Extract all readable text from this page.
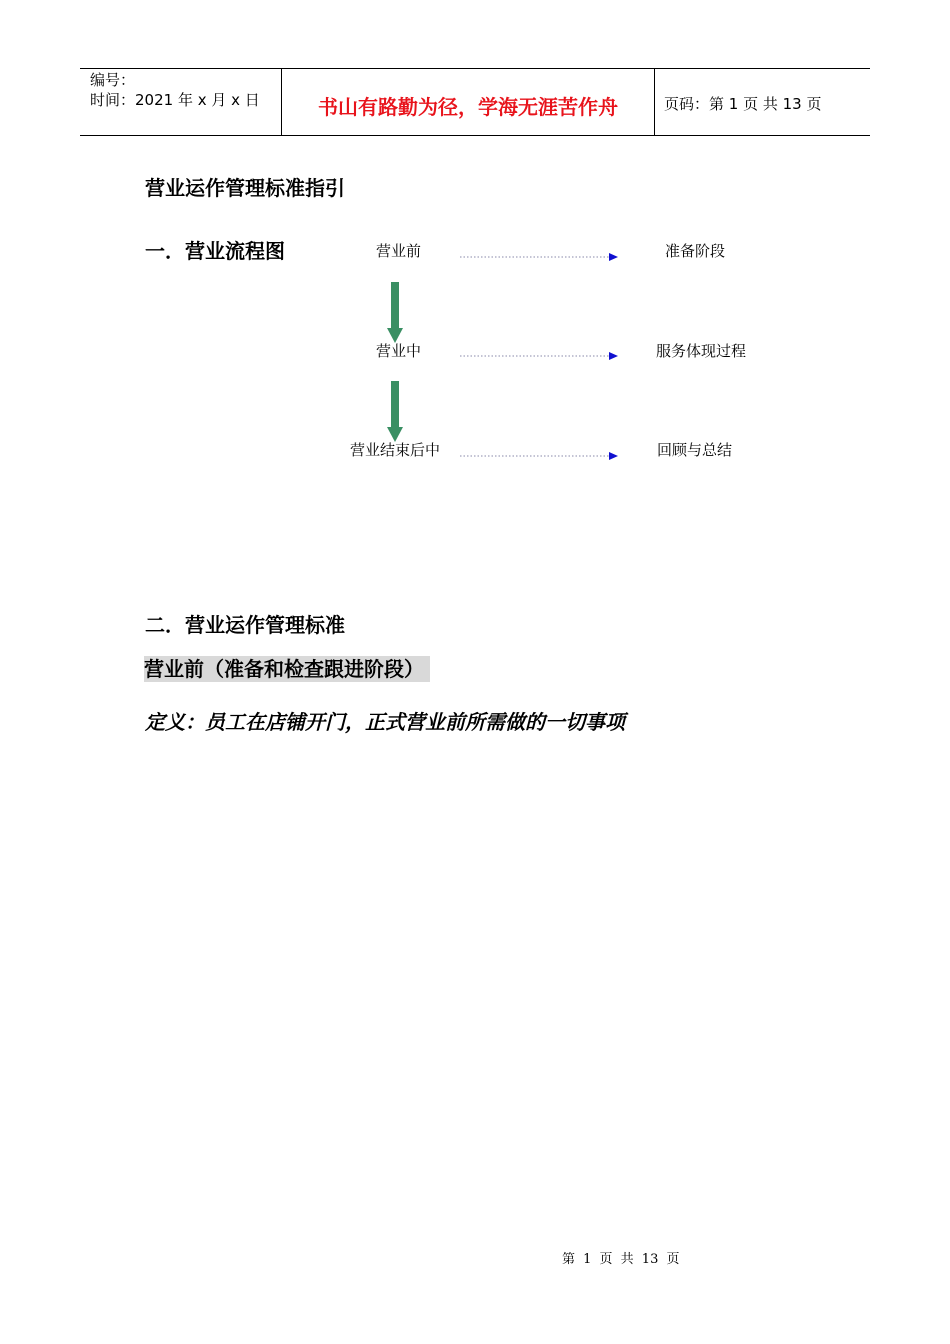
编号：
时间：2021 年 x 月 x 日	书山有路勤为径，学海无涯苦作舟	页码：第 1 页 共 13 页
营业运作管理标准指引
一．营业流程图	营业前	准备阶段
营业中	服务体现过程
营业结束后中	回顾与总结
二．营业运作管理标准
营业前（准备和检查跟进阶段）
定义：员工在店铺开门，正式营业前所需做的一切事项
第 1 页 共 13 页
